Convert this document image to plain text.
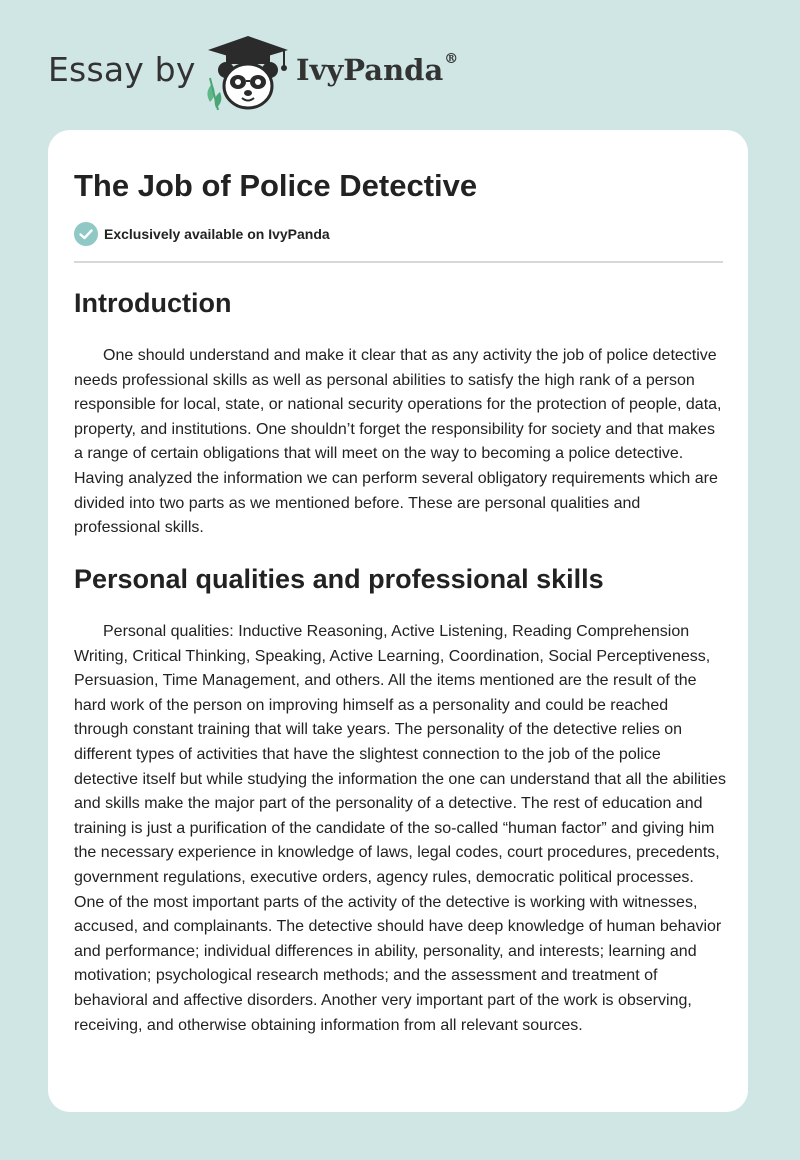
Essay by	IvyPanda®
The Job of Police Detective
Exclusively available on IvyPanda
Introduction

One should understand and make it clear that as any activity the job of police detective needs professional skills as well as personal abilities to satisfy the high rank of a person responsible for local, state, or national security operations for the protection of people, data, property, and institutions. One shouldn’t forget the responsibility for society and that makes a range of certain obligations that will meet on the way to becoming a police detective. Having analyzed the information we can perform several obligatory requirements which are divided into two parts as we mentioned before. These are personal qualities and professional skills.

Personal qualities and professional skills

Personal qualities: Inductive Reasoning, Active Listening, Reading Comprehension Writing, Critical Thinking, Speaking, Active Learning, Coordination, Social Perceptiveness, Persuasion, Time Management, and others. All the items mentioned are the result of the hard work of the person on improving himself as a personality and could be reached through constant training that will take years. The personality of the detective relies on different types of activities that have the slightest connection to the job of the police detective itself but while studying the information the one can understand that all the abilities and skills make the major part of the personality of a detective. The rest of education and training is just a purification of the candidate of the so-called “human factor” and giving him the necessary experience in knowledge of laws, legal codes, court procedures, precedents, government regulations, executive orders, agency rules, democratic political processes. One of the most important parts of the activity of the detective is working with witnesses, accused, and complainants. The detective should have deep knowledge of human behavior and performance; individual differences in ability, personality, and interests; learning and motivation; psychological research methods; and the assessment and treatment of behavioral and affective disorders. Another very important part of the work is observing, receiving, and otherwise obtaining information from all relevant sources.
